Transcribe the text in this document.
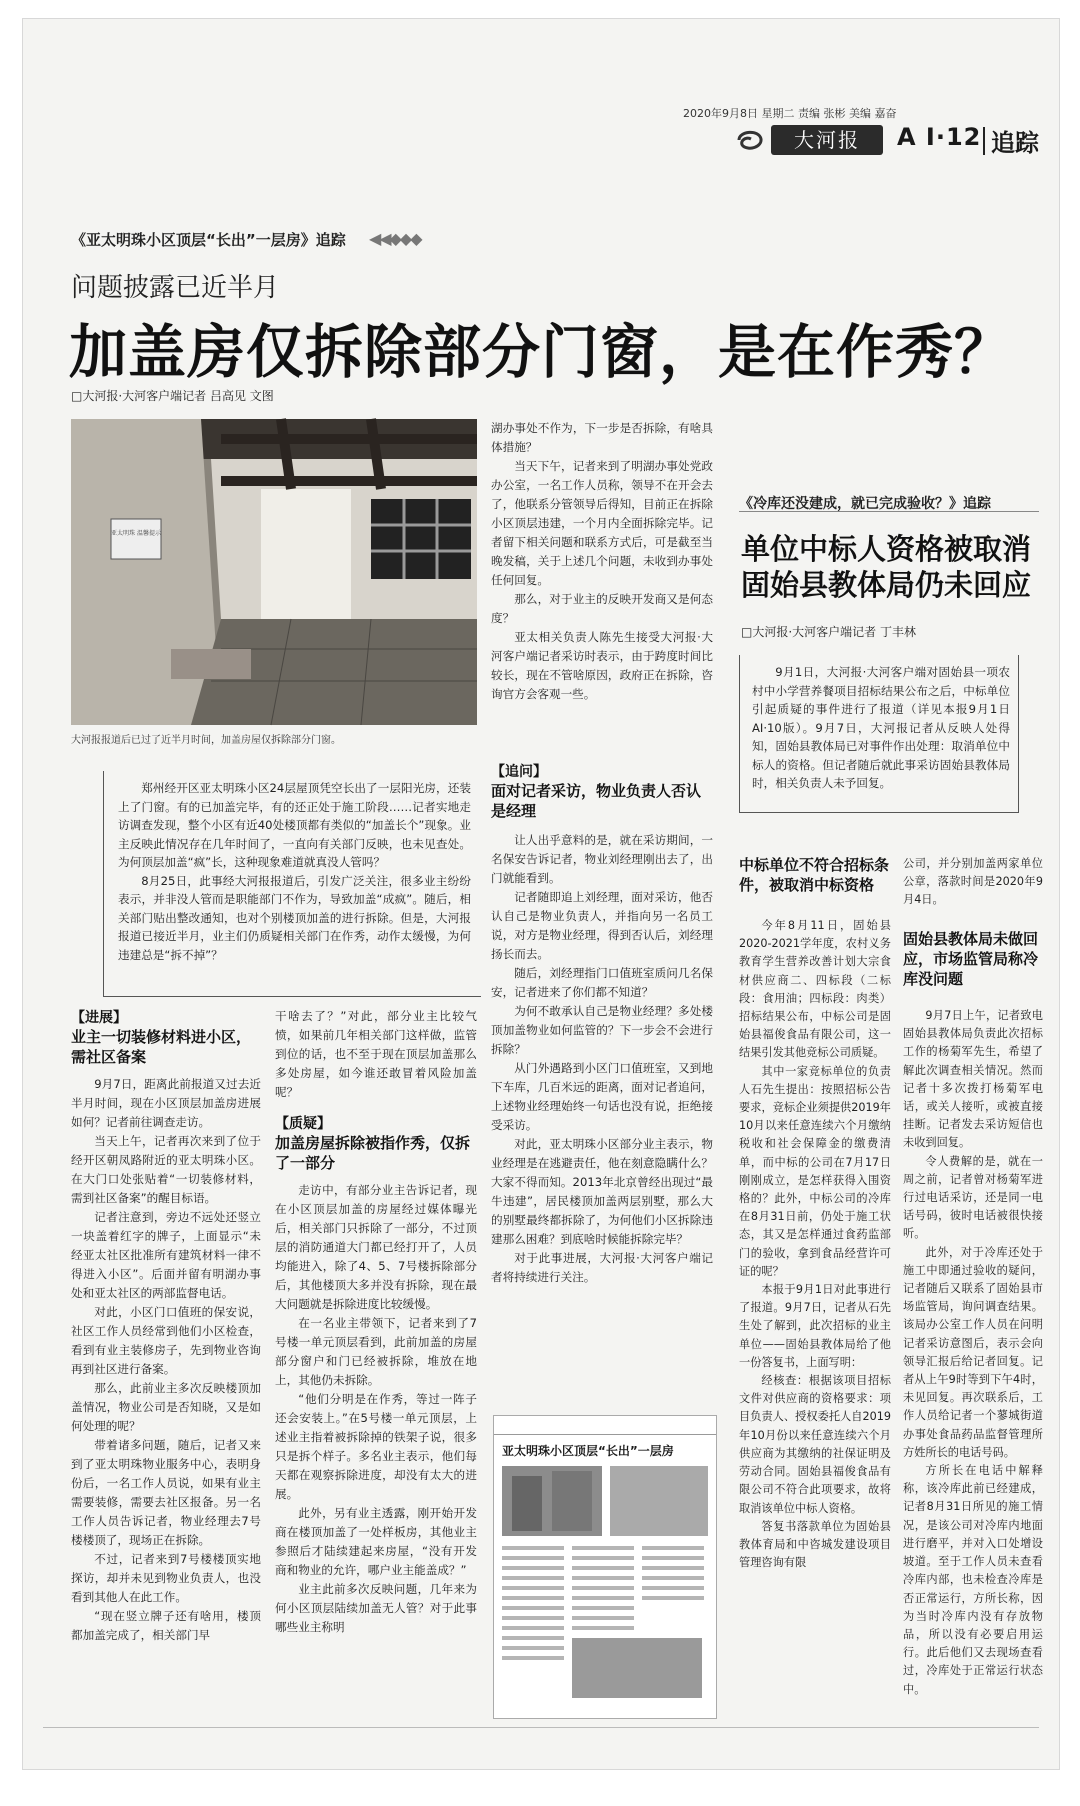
2020年9月8日 星期二 责编 张彬 美编 嘉奋
大河报	A I·12 追踪
《亚太明珠小区顶层“长出”一层房》追踪 ◀◀◆◆◆
问题披露已近半月
加盖房仅拆除部分门窗，是在作秀？
□大河报·大河客户端记者 吕高见 文图
亚太明珠 温馨提示
大河报报道后已过了近半月时间，加盖房屋仅拆除部分门窗。

郑州经开区亚太明珠小区24层屋顶凭空长出了一层阳光房，还装上了门窗。有的已加盖完毕，有的还正处于施工阶段……记者实地走访调查发现，整个小区有近40处楼顶都有类似的“加盖长个”现象。业主反映此情况存在几年时间了，一直向有关部门反映，也未见查处。为何顶层加盖“疯”长，这种现象难道就真没人管吗？

8月25日，此事经大河报报道后，引发广泛关注，很多业主纷纷表示，并非没人管而是职能部门不作为，导致加盖“成疯”。随后，相关部门贴出整改通知，也对个别楼顶加盖的进行拆除。但是，大河报报道已接近半月，业主们仍质疑相关部门在作秀，动作太缓慢，为何违建总是“拆不掉”？

【进展】
业主一切装修材料进小区，需社区备案

9月7日，距离此前报道又过去近半月时间，现在小区顶层加盖房进展如何？记者前往调查走访。

当天上午，记者再次来到了位于经开区朝凤路附近的亚太明珠小区。在大门口处张贴着“一切装修材料，需到社区备案”的醒目标语。

记者注意到，旁边不远处还竖立一块盖着红字的牌子，上面显示“未经亚太社区批准所有建筑材料一律不得进入小区”。后面并留有明湖办事处和亚太社区的两部监督电话。

对此，小区门口值班的保安说，社区工作人员经常到他们小区检查，看到有业主装修房子，先到物业咨询再到社区进行备案。

那么，此前业主多次反映楼顶加盖情况，物业公司是否知晓，又是如何处理的呢？

带着诸多问题，随后，记者又来到了亚太明珠物业服务中心，表明身份后，一名工作人员说，如果有业主需要装修，需要去社区报备。另一名工作人员告诉记者，物业经理去7号楼楼顶了，现场正在拆除。

不过，记者来到7号楼楼顶实地探访，却并未见到物业负责人，也没看到其他人在此工作。

“现在竖立牌子还有啥用，楼顶都加盖完成了，相关部门早

干啥去了？”对此，部分业主比较气愤，如果前几年相关部门这样做，监管到位的话，也不至于现在顶层加盖那么多处房屋，如今谁还敢冒着风险加盖呢？

【质疑】
加盖房屋拆除被指作秀，仅拆了一部分

走访中，有部分业主告诉记者，现在小区顶层加盖的房屋经过媒体曝光后，相关部门只拆除了一部分，不过顶层的消防通道大门都已经打开了，人员均能进入，除了4、5、7号楼拆除部分后，其他楼顶大多并没有拆除，现在最大问题就是拆除进度比较缓慢。

在一名业主带领下，记者来到了7号楼一单元顶层看到，此前加盖的房屋部分窗户和门已经被拆除，堆放在地上，其他仍未拆除。

“他们分明是在作秀，等过一阵子还会安装上。”在5号楼一单元顶层，上述业主指着被拆除掉的铁架子说，很多只是拆个样子。多名业主表示，他们每天都在观察拆除进度，却没有太大的进展。

此外，另有业主透露，刚开始开发商在楼顶加盖了一处样板房，其他业主参照后才陆续建起来房屋，“没有开发商和物业的允许，哪户业主能盖成？”

业主此前多次反映问题，几年来为何小区顶层陆续加盖无人管？对于此事哪些业主称明

湖办事处不作为，下一步是否拆除，有啥具体措施？

当天下午，记者来到了明湖办事处党政办公室，一名工作人员称，领导不在开会去了，他联系分管领导后得知，目前正在拆除小区顶层违建，一个月内全面拆除完毕。记者留下相关问题和联系方式后，可是截至当晚发稿，关于上述几个问题，未收到办事处任何回复。

那么，对于业主的反映开发商又是何态度？

亚太相关负责人陈先生接受大河报·大河客户端记者采访时表示，由于跨度时间比较长，现在不管啥原因，政府正在拆除，咨询官方会客观一些。

【追问】
面对记者采访，物业负责人否认是经理

让人出乎意料的是，就在采访期间，一名保安告诉记者，物业刘经理刚出去了，出门就能看到。

记者随即追上刘经理，面对采访，他否认自己是物业负责人，并指向另一名员工说，对方是物业经理，得到否认后，刘经理扬长而去。

随后，刘经理指门口值班室质问几名保安，记者进来了你们都不知道？

为何不敢承认自己是物业经理？多处楼顶加盖物业如何监管的？下一步会不会进行拆除？

从门外遇路到小区门口值班室，又到地下车库，几百米远的距离，面对记者追问，上述物业经理始终一句话也没有说，拒绝接受采访。

对此，亚太明珠小区部分业主表示，物业经理是在逃避责任，他在刻意隐瞒什么？大家不得而知。2013年北京曾经出现过“最牛违建”，居民楼顶加盖两层别墅，那么大的别墅最终都拆除了，为何他们小区拆除违建那么困难？到底啥时候能拆除完毕？

对于此事进展，大河报·大河客户端记者将持续进行关注。

亚太明珠小区顶层“长出”一层房
《冷库还没建成，就已完成验收？》追踪
单位中标人资格被取消
固始县教体局仍未回应
□大河报·大河客户端记者 丁丰林

9月1日，大河报·大河客户端对固始县一项农村中小学营养餐项目招标结果公布之后，中标单位引起质疑的事件进行了报道（详见本报9月1日AI·10版）。9月7日，大河报记者从反映人处得知，固始县教体局已对事件作出处理：取消单位中标人的资格。但记者随后就此事采访固始县教体局时，相关负责人未予回复。

中标单位不符合招标条件，被取消中标资格

今年8月11日，固始县2020-2021学年度，农村义务教育学生营养改善计划大宗食材供应商二、四标段（二标段：食用油；四标段：肉类）招标结果公布，中标公司是固始县福俊食品有限公司，这一结果引发其他竞标公司质疑。

其中一家竞标单位的负责人石先生提出：按照招标公告要求，竞标企业须提供2019年10月以来任意连续六个月缴纳税收和社会保障金的缴费清单，而中标的公司在7月17日刚刚成立，是怎样获得入围资格的？此外，中标公司的冷库在8月31日前，仍处于施工状态，其又是怎样通过食药监部门的验收，拿到食品经营许可证的呢？

本报于9月1日对此事进行了报道。9月7日，记者从石先生处了解到，此次招标的业主单位——固始县教体局给了他一份答复书，上面写明：

经核查：根据该项目招标文件对供应商的资格要求：项目负责人、授权委托人自2019年10月份以来任意连续六个月供应商为其缴纳的社保证明及劳动合同。固始县福俊食品有限公司不符合此项要求，故将取消该单位中标人资格。

答复书落款单位为固始县教体育局和中咨城发建设项目管理咨询有限

公司，并分别加盖两家单位公章，落款时间是2020年9月4日。

固始县教体局未做回应，市场监管局称冷库没问题

9月7日上午，记者致电固始县教体局负责此次招标工作的杨菊军先生，希望了解此次调查相关情况。然而记者十多次拨打杨菊军电话，或关人接听，或被直接挂断。记者发去采访短信也未收到回复。

令人费解的是，就在一周之前，记者曾对杨菊军进行过电话采访，还是同一电话号码，彼时电话被很快接听。

此外，对于冷库还处于施工中即通过验收的疑问，记者随后又联系了固始县市场监管局，询问调查结果。该局办公室工作人员在问明记者采访意图后，表示会向领导汇报后给记者回复。记者从上午9时等到下午4时，未见回复。再次联系后，工作人员给记者一个蓼城街道办事处食品药品监督管理所方姓所长的电话号码。

方所长在电话中解释称，该冷库此前已经建成，记者8月31日所见的施工情况，是该公司对冷库内地面进行磨平，并对入口处增设坡道。至于工作人员未查看冷库内部，也未检查冷库是否正常运行，方所长称，因为当时冷库内没有存放物品，所以没有必要启用运行。此后他们又去现场查看过，冷库处于正常运行状态中。
